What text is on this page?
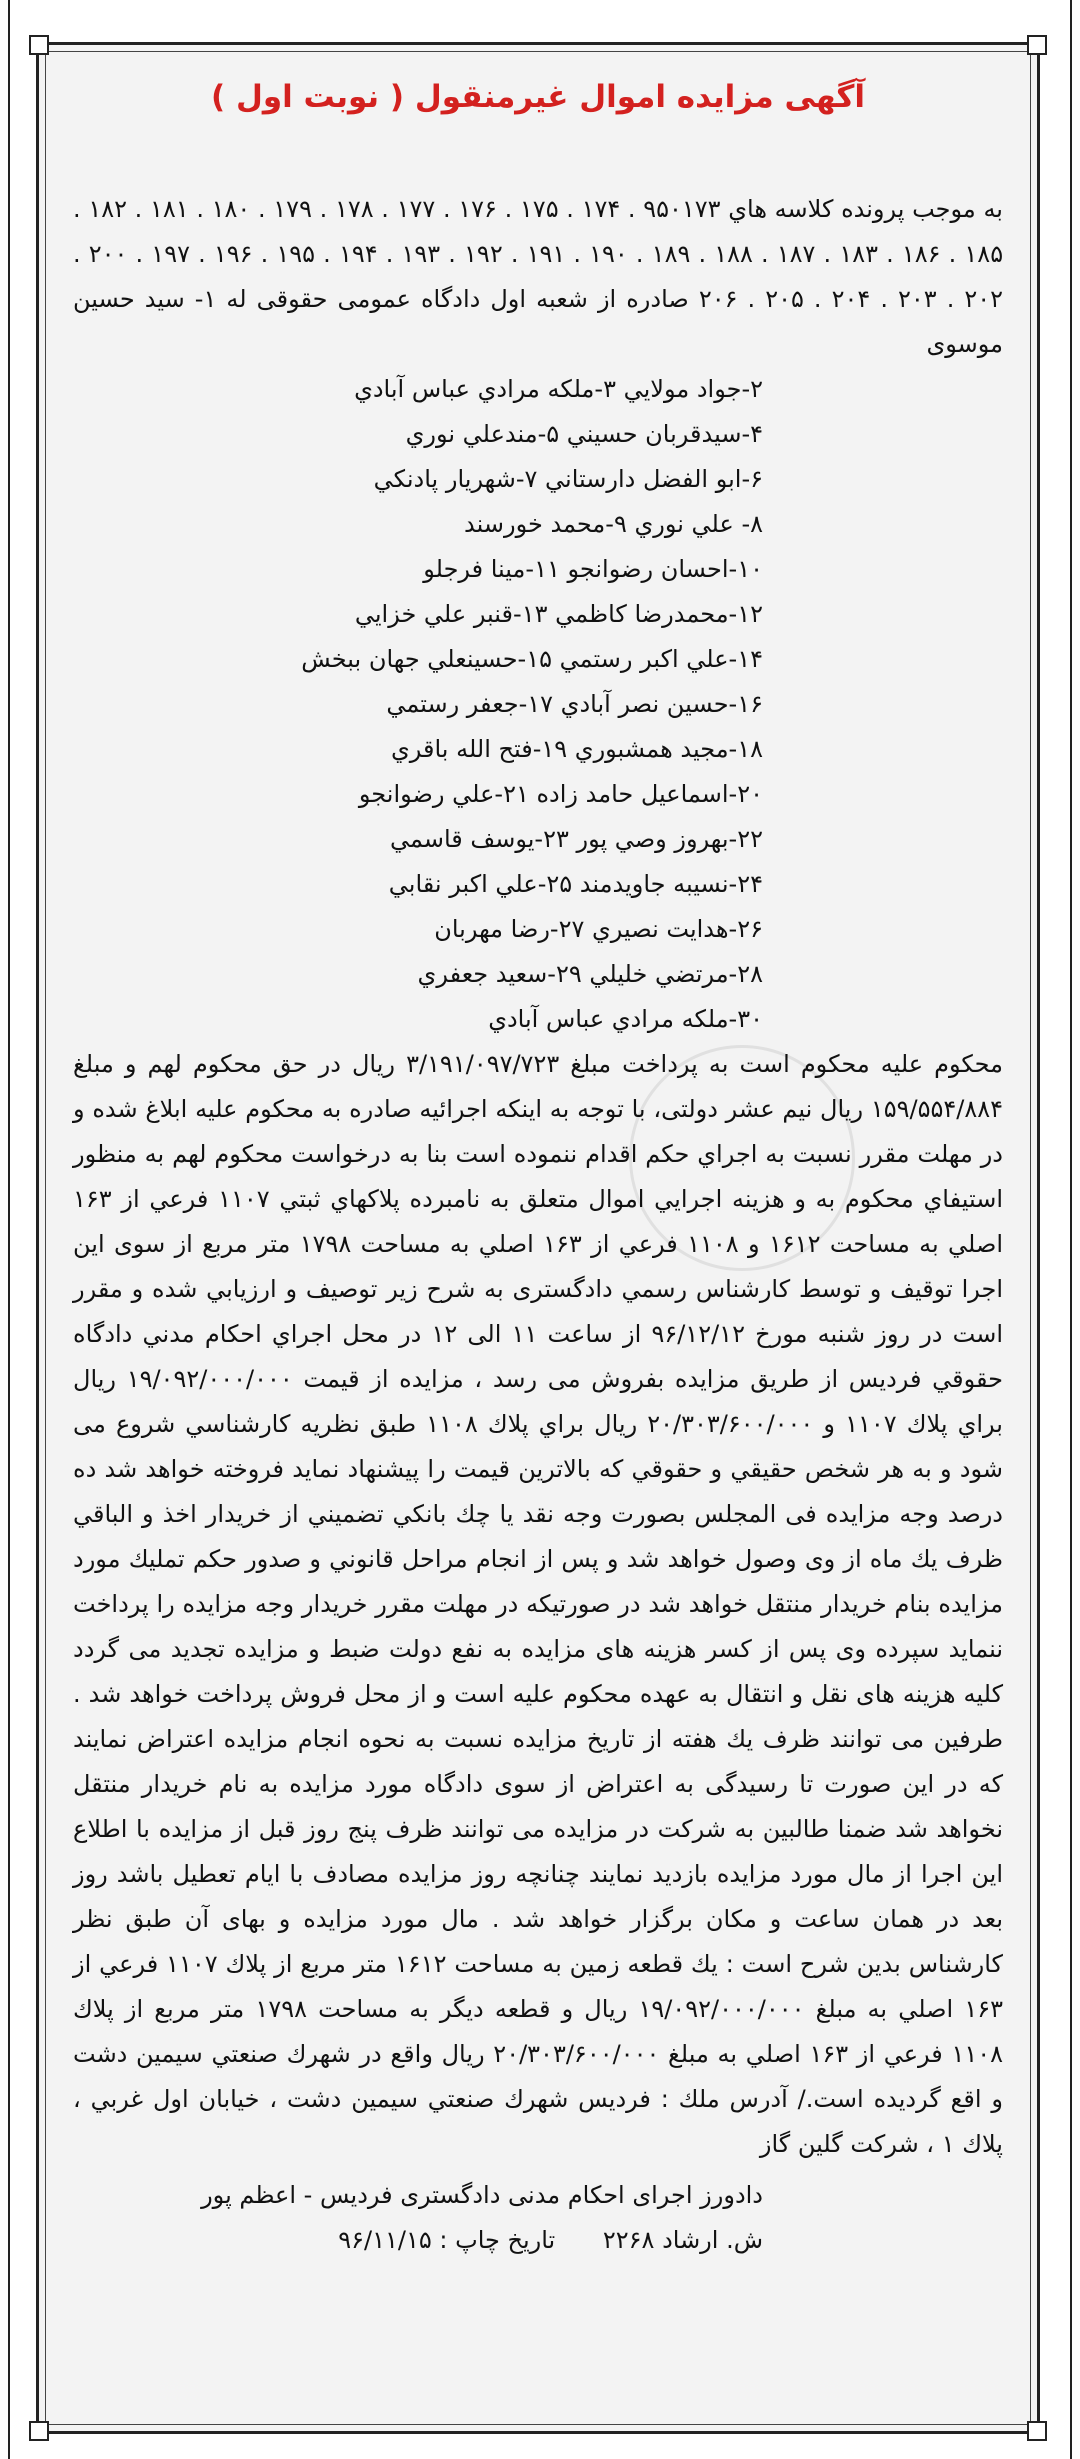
آگهی مزایده اموال غیرمنقول ( نوبت اول )

به موجب پرونده كلاسه هاي ۹۵۰۱۷۳ . ۱۷۴ . ۱۷۵ . ۱۷۶ . ۱۷۷ . ۱۷۸ . ۱۷۹ . ۱۸۰ . ۱۸۱ . ۱۸۲ . ۱۸۵ . ۱۸۶ . ۱۸۳ . ۱۸۷ . ۱۸۸ . ۱۸۹ . ۱۹۰ . ۱۹۱ . ۱۹۲ . ۱۹۳ . ۱۹۴ . ۱۹۵ . ۱۹۶ . ۱۹۷ . ۲۰۰ . ۲۰۲ . ۲۰۳ . ۲۰۴ . ۲۰۵ . ۲۰۶ صادره از شعبه اول دادگاه عمومی حقوقی له ۱- سید حسین موسوی

۲-جواد مولايي ۳-ملكه مرادي عباس آبادي
۴-سيدقربان حسيني ۵-مندعلي نوري
۶-ابو الفضل دارستاني ۷-شهريار پادنكي
۸- علي نوري ۹-محمد خورسند
۱۰-احسان رضوانجو ۱۱-مينا فرجلو
۱۲-محمدرضا كاظمي ۱۳-قنبر علي خزايي
۱۴-علي اكبر رستمي ۱۵-حسينعلي جهان ببخش
۱۶-حسين نصر آبادي ۱۷-جعفر رستمي
۱۸-مجيد همشبوري ۱۹-فتح الله باقري
۲۰-اسماعيل حامد زاده ۲۱-علي رضوانجو
۲۲-بهروز وصي پور ۲۳-يوسف قاسمي
۲۴-نسيبه جاويدمند ۲۵-علي اكبر نقابي
۲۶-هدايت نصيري ۲۷-رضا مهربان
۲۸-مرتضي خليلي ۲۹-سعيد جعفري
۳۰-ملكه مرادي عباس آبادي

محكوم عليه محكوم است به پرداخت مبلغ ۳/۱۹۱/۰۹۷/۷۲۳ ريال در حق محكوم لهم و مبلغ ۱۵۹/۵۵۴/۸۸۴ ريال نيم عشر دولتی، با توجه به اينكه اجرائيه صادره به محكوم عليه ابلاغ شده و در مهلت مقرر نسبت به اجراي حكم اقدام ننموده است بنا به درخواست محكوم لهم به منظور استيفاي محكوم به و هزينه اجرايي اموال متعلق به نامبرده پلاكهاي ثبتي ۱۱۰۷ فرعي از ۱۶۳ اصلي به مساحت ۱۶۱۲ و ۱۱۰۸ فرعي از ۱۶۳ اصلي به مساحت ۱۷۹۸ متر مربع از سوی اين اجرا توقيف و توسط كارشناس رسمي دادگستری به شرح زير توصيف و ارزيابي شده و مقرر است در روز شنبه مورخ ۹۶/۱۲/۱۲ از ساعت ۱۱ الی ۱۲ در محل اجراي احكام مدني دادگاه حقوقي فرديس از طريق مزايده بفروش می رسد ، مزايده از قيمت ۱۹/۰۹۲/۰۰۰/۰۰۰ ريال براي پلاك ۱۱۰۷ و ۲۰/۳۰۳/۶۰۰/۰۰۰ ريال براي پلاك ۱۱۰۸ طبق نظريه كارشناسي شروع می شود و به هر شخص حقيقي و حقوقي كه بالاترين قيمت را پيشنهاد نمايد فروخته خواهد شد ده درصد وجه مزايده فی المجلس بصورت وجه نقد يا چك بانكي تضميني از خريدار اخذ و الباقي ظرف يك ماه از وی وصول خواهد شد و پس از انجام مراحل قانوني و صدور حكم تمليك مورد مزايده بنام خريدار منتقل خواهد شد در صورتيكه در مهلت مقرر خريدار وجه مزايده را پرداخت ننمايد سپرده وی پس از كسر هزينه های مزايده به نفع دولت ضبط و مزايده تجديد می گردد كليه هزينه های نقل و انتقال به عهده محكوم عليه است و از محل فروش پرداخت خواهد شد . طرفين می توانند ظرف يك هفته از تاريخ مزايده نسبت به نحوه انجام مزايده اعتراض نمايند كه در اين صورت تا رسيدگی به اعتراض از سوی دادگاه مورد مزايده به نام خريدار منتقل نخواهد شد ضمنا طالبين به شركت در مزايده می توانند ظرف پنج روز قبل از مزايده با اطلاع اين اجرا از مال مورد مزايده بازديد نمايند چنانچه روز مزايده مصادف با ايام تعطيل باشد روز بعد در همان ساعت و مكان برگزار خواهد شد . مال مورد مزايده و بهای آن طبق نظر كارشناس بدين شرح است : يك قطعه زمين به مساحت ۱۶۱۲ متر مربع از پلاك ۱۱۰۷ فرعي از ۱۶۳ اصلي به مبلغ ۱۹/۰۹۲/۰۰۰/۰۰۰ ريال و قطعه ديگر به مساحت ۱۷۹۸ متر مربع از پلاك ۱۱۰۸ فرعي از ۱۶۳ اصلي به مبلغ ۲۰/۳۰۳/۶۰۰/۰۰۰ ريال واقع در شهرك صنعتي سيمين دشت و اقع گرديده است./ آدرس ملك : فرديس شهرك صنعتي سيمين دشت ، خيابان اول غربي ، پلاك ۱ ، شركت گلين گاز

دادورز اجرای احكام مدنی دادگستری فرديس - اعظم پور
ش. ارشاد ۲۲۶۸ تاريخ چاپ : ۹۶/۱۱/۱۵
